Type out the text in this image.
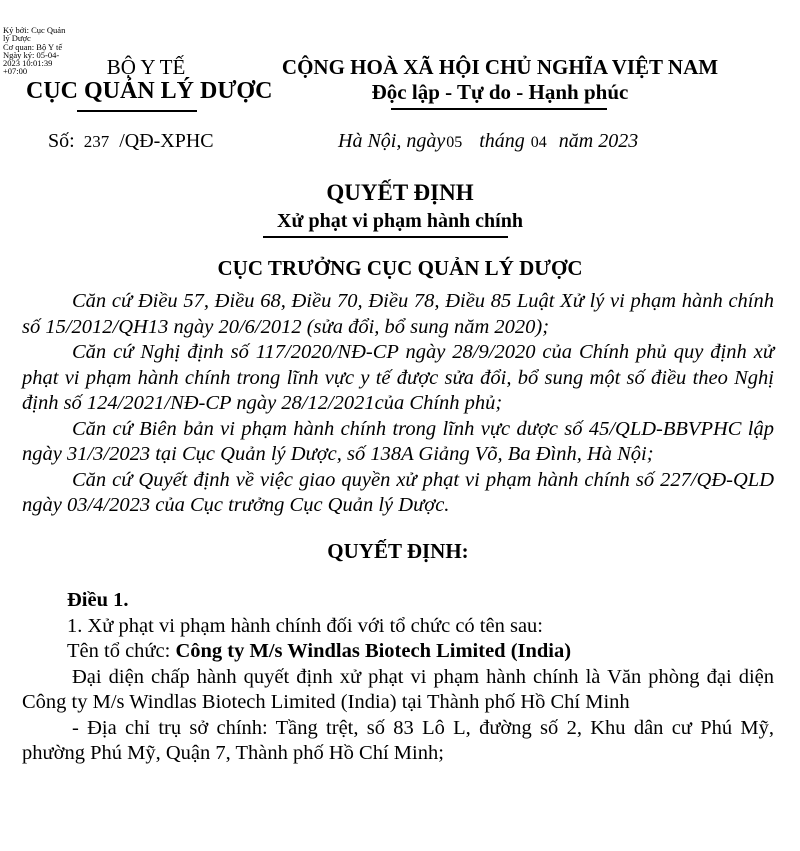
Ký bởi: Cục Quản
lý Dược
Cơ quan: Bộ Y tế
Ngày ký: 05-04-
2023 10:01:39
+07:00	BỘ Y TẾ
CỤC QUẢN LÝ DƯỢC
CỘNG HOÀ XÃ HỘI CHỦ NGHĨA VIỆT NAM
Độc lập - Tự do - Hạnh phúc
Số: 237 /QĐ-XPHC	Hà Nội, ngày05 tháng 04 năm 2023
QUYẾT ĐỊNH
Xử phạt vi phạm hành chính
CỤC TRƯỞNG CỤC QUẢN LÝ DƯỢC

Căn cứ Điều 57, Điều 68, Điều 70, Điều 78, Điều 85 Luật Xử lý vi phạm hành chính số 15/2012/QH13 ngày 20/6/2012 (sửa đổi, bổ sung năm 2020);

Căn cứ Nghị định số 117/2020/NĐ-CP ngày 28/9/2020 của Chính phủ quy định xử phạt vi phạm hành chính trong lĩnh vực y tế được sửa đổi, bổ sung một số điều theo Nghị định số 124/2021/NĐ-CP ngày 28/12/2021của Chính phủ;

Căn cứ Biên bản vi phạm hành chính trong lĩnh vực dược số 45/QLD-BBVPHC lập ngày 31/3/2023 tại Cục Quản lý Dược, số 138A Giảng Võ, Ba Đình, Hà Nội;

Căn cứ Quyết định về việc giao quyền xử phạt vi phạm hành chính số 227/QĐ-QLD ngày 03/4/2023 của Cục trưởng Cục Quản lý Dược.

QUYẾT ĐỊNH:

Điều 1.

1. Xử phạt vi phạm hành chính đối với tổ chức có tên sau:

Tên tổ chức: Công ty M/s Windlas Biotech Limited (India)

Đại diện chấp hành quyết định xử phạt vi phạm hành chính là Văn phòng đại diện Công ty M/s Windlas Biotech Limited (India) tại Thành phố Hồ Chí Minh

- Địa chỉ trụ sở chính: Tầng trệt, số 83 Lô L, đường số 2, Khu dân cư Phú Mỹ, phường Phú Mỹ, Quận 7, Thành phố Hồ Chí Minh;
